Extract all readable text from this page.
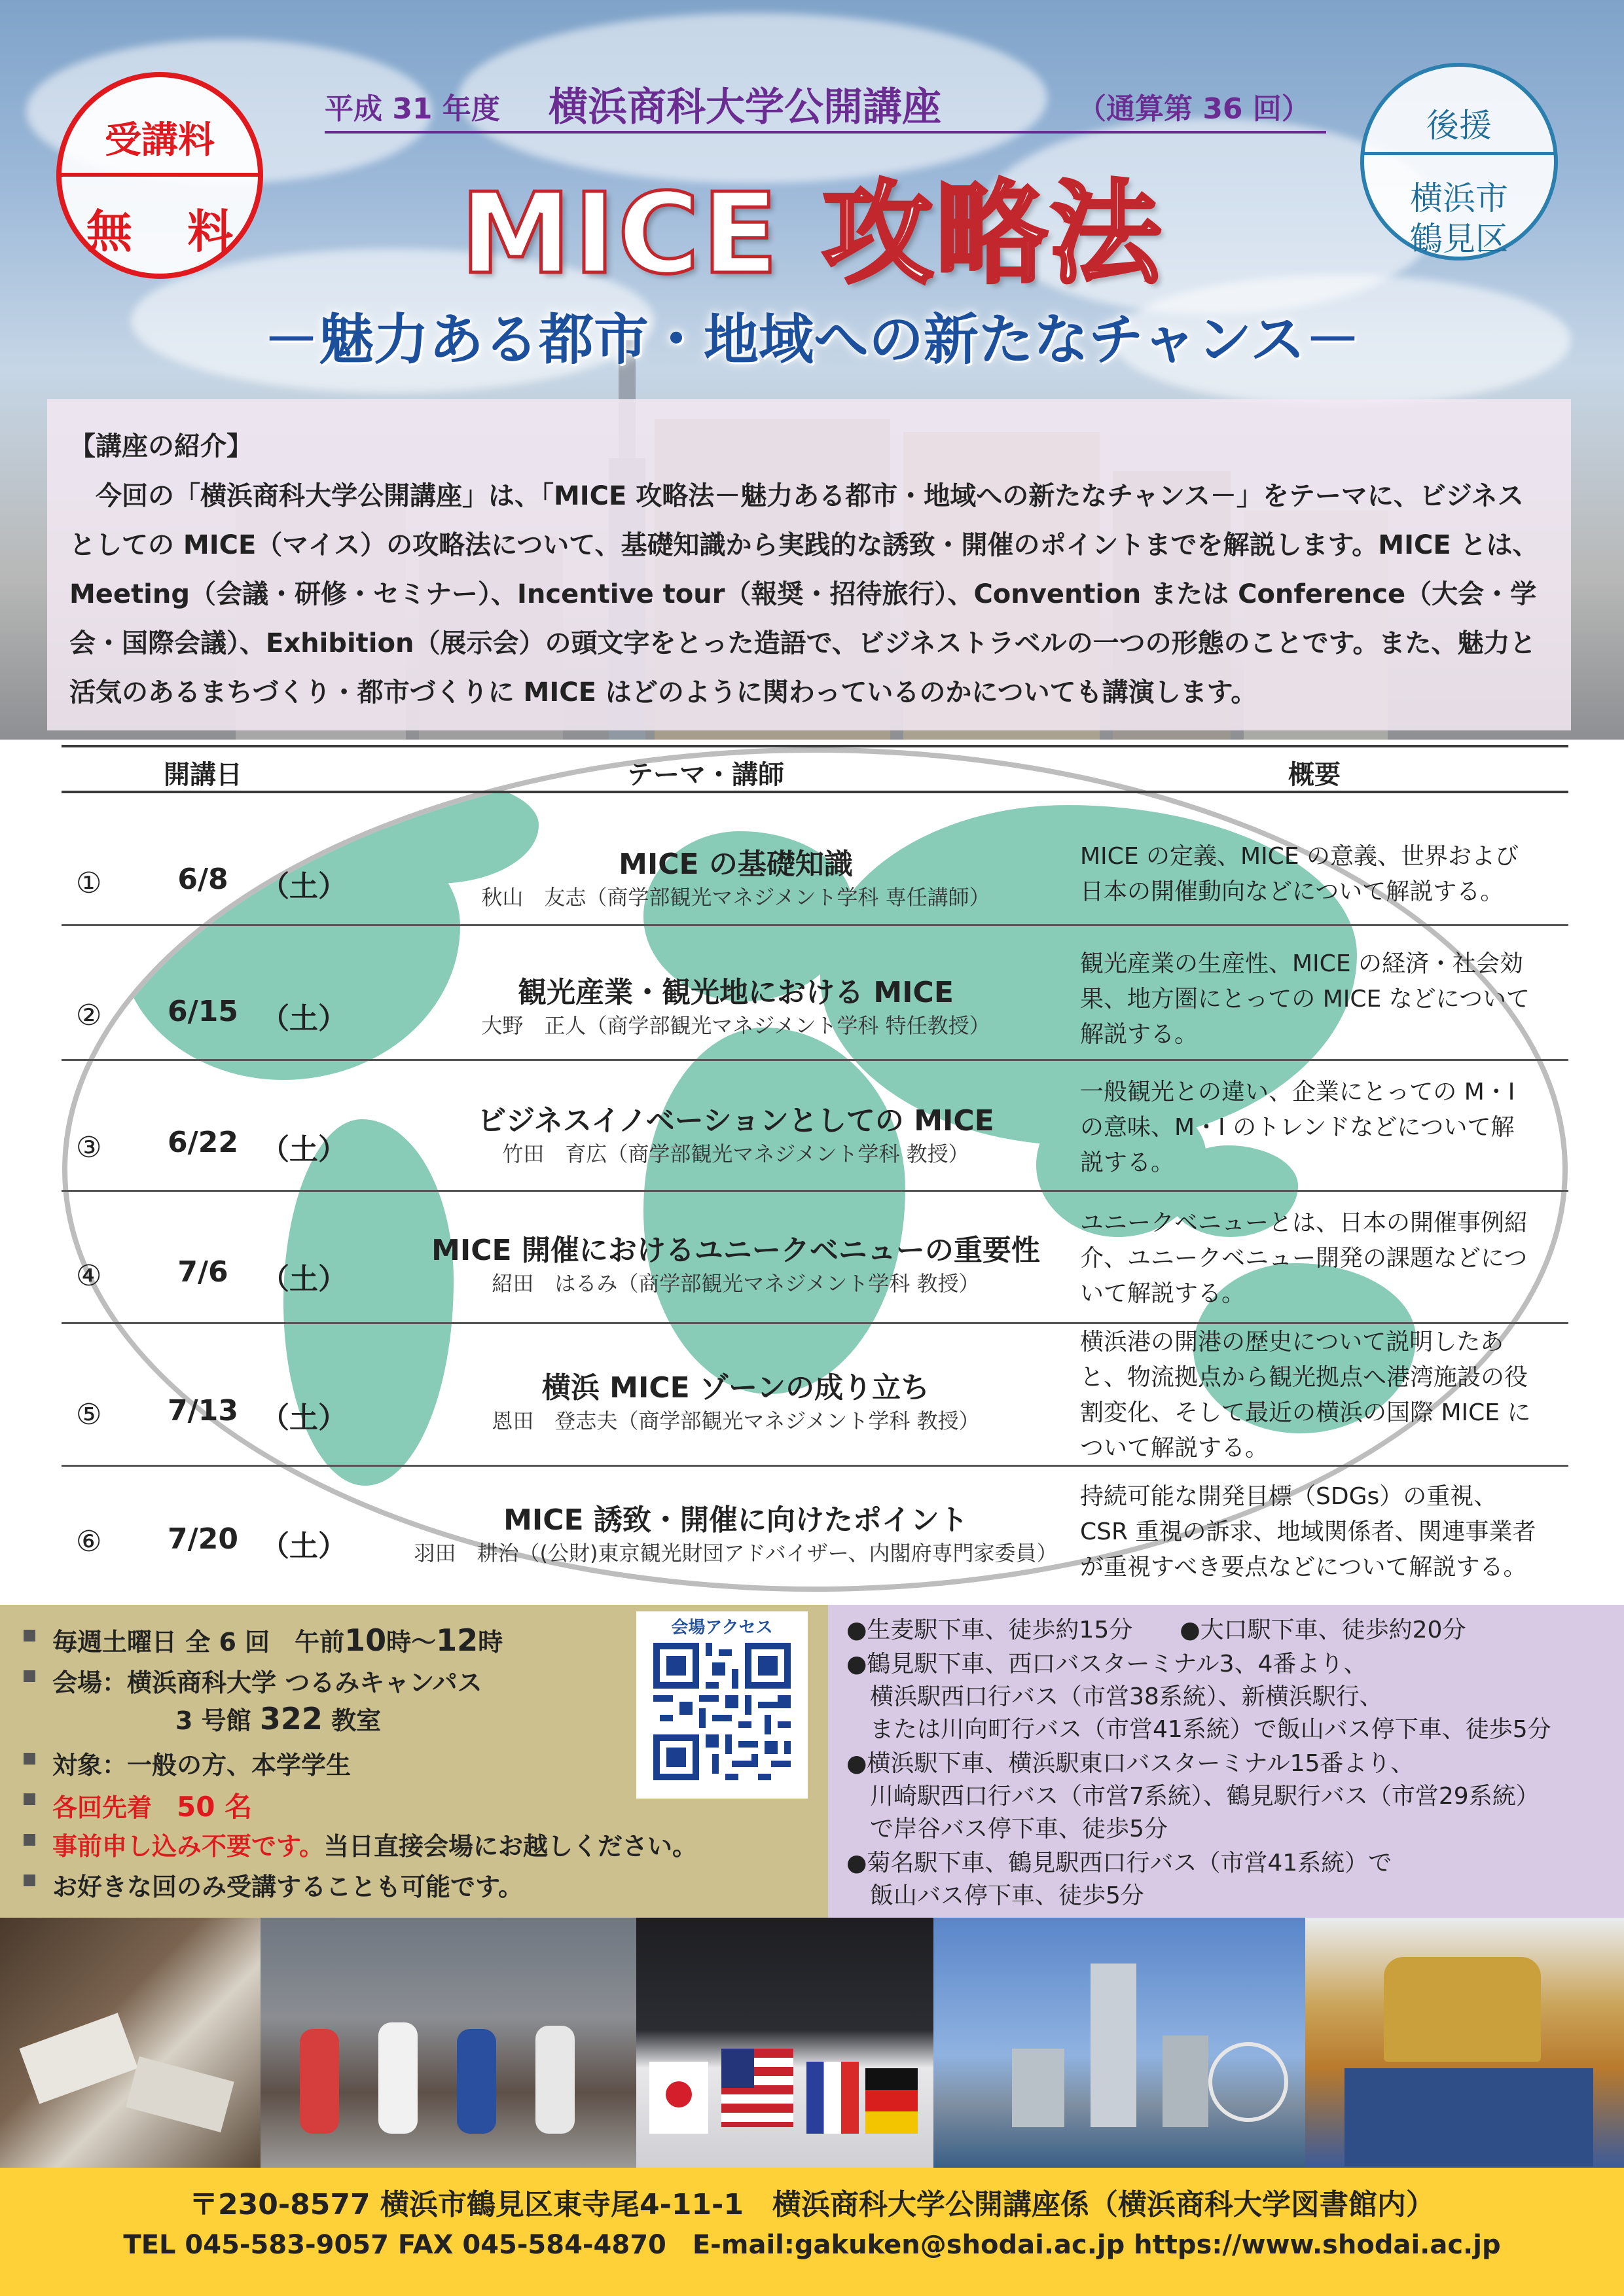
受講料
無 料
後援
横浜市
鶴見区
平成 31 年度 横浜商科大学公開講座	（通算第 36 回）
MICE 攻略法
－魅力ある都市・地域への新たなチャンス－
【講座の紹介】
今回の「横浜商科大学公開講座」は、「MICE 攻略法－魅力ある都市・地域への新たなチャンス－」をテーマに、ビジネスとしての MICE（マイス）の攻略法について、基礎知識から実践的な誘致・開催のポイントまでを解説します。MICE とは、Meeting（会議・研修・セミナー）、Incentive tour（報奨・招待旅行）、Convention または Conference（大会・学会・国際会議）、Exhibition（展示会）の頭文字をとった造語で、ビジネストラベルの一つの形態のことです。また、魅力と活気のあるまちづくり・都市づくりに MICE はどのように関わっているのかについても講演します。
開講日	テーマ・講師	概要
①	6/8	（土）
MICE の基礎知識
秋山　友志（商学部観光マネジメント学科 専任講師）
MICE の定義、MICE の意義、世界および
日本の開催動向などについて解説する。
②	6/15 （土）
観光産業・観光地における MICE
大野　正人（商学部観光マネジメント学科 特任教授）
観光産業の生産性、MICE の経済・社会効
果、地方圏にとっての MICE などについて
解説する。
③	6/22 （土）
ビジネスイノベーションとしての MICE
竹田　育広（商学部観光マネジメント学科 教授）
一般観光との違い、企業にとっての M・I
の意味、M・I のトレンドなどについて解
説する。
④	7/6	（土）
MICE 開催におけるユニークベニューの重要性
紹田　はるみ（商学部観光マネジメント学科 教授）
ユニークベニューとは、日本の開催事例紹
介、ユニークベニュー開発の課題などにつ
いて解説する。
⑤	7/13 （土）
横浜 MICE ゾーンの成り立ち
恩田　登志夫（商学部観光マネジメント学科 教授）
横浜港の開港の歴史について説明したあ
と、物流拠点から観光拠点へ港湾施設の役
割変化、そして最近の横浜の国際 MICE に
ついて解説する。
⑥	7/20 （土）
MICE 誘致・開催に向けたポイント
羽田　耕治（(公財)東京観光財団アドバイザー、内閣府専門家委員）
持続可能な開発目標（SDGs）の重視、
CSR 重視の訴求、地域関係者、関連事業者
が重視すべき要点などについて解説する。
毎週土曜日 全 6 回　午前10時～12時
会場：横浜商科大学 つるみキャンパス
3 号館 322 教室
対象：一般の方、本学学生
各回先着　 50 名
事前申し込み不要です。当日直接会場にお越しください。
お好きな回のみ受講することも可能です。
会場アクセス	●生麦駅下車、徒歩約15分　　●大口駅下車、徒歩約20分
●鶴見駅下車、西口バスターミナル3、4番より、
　横浜駅西口行バス（市営38系統）、新横浜駅行、
　または川向町行バス（市営41系統）で飯山バス停下車、徒歩5分
●横浜駅下車、横浜駅東口バスターミナル15番より、
　川崎駅西口行バス（市営7系統）、鶴見駅行バス（市営29系統）
　で岸谷バス停下車、徒歩5分
●菊名駅下車、鶴見駅西口行バス（市営41系統）で
　飯山バス停下車、徒歩5分
〒230-8577 横浜市鶴見区東寺尾4-11-1　横浜商科大学公開講座係（横浜商科大学図書館内）
TEL 045-583-9057 FAX 045-584-4870　E-mail:gakuken@shodai.ac.jp https://www.shodai.ac.jp
